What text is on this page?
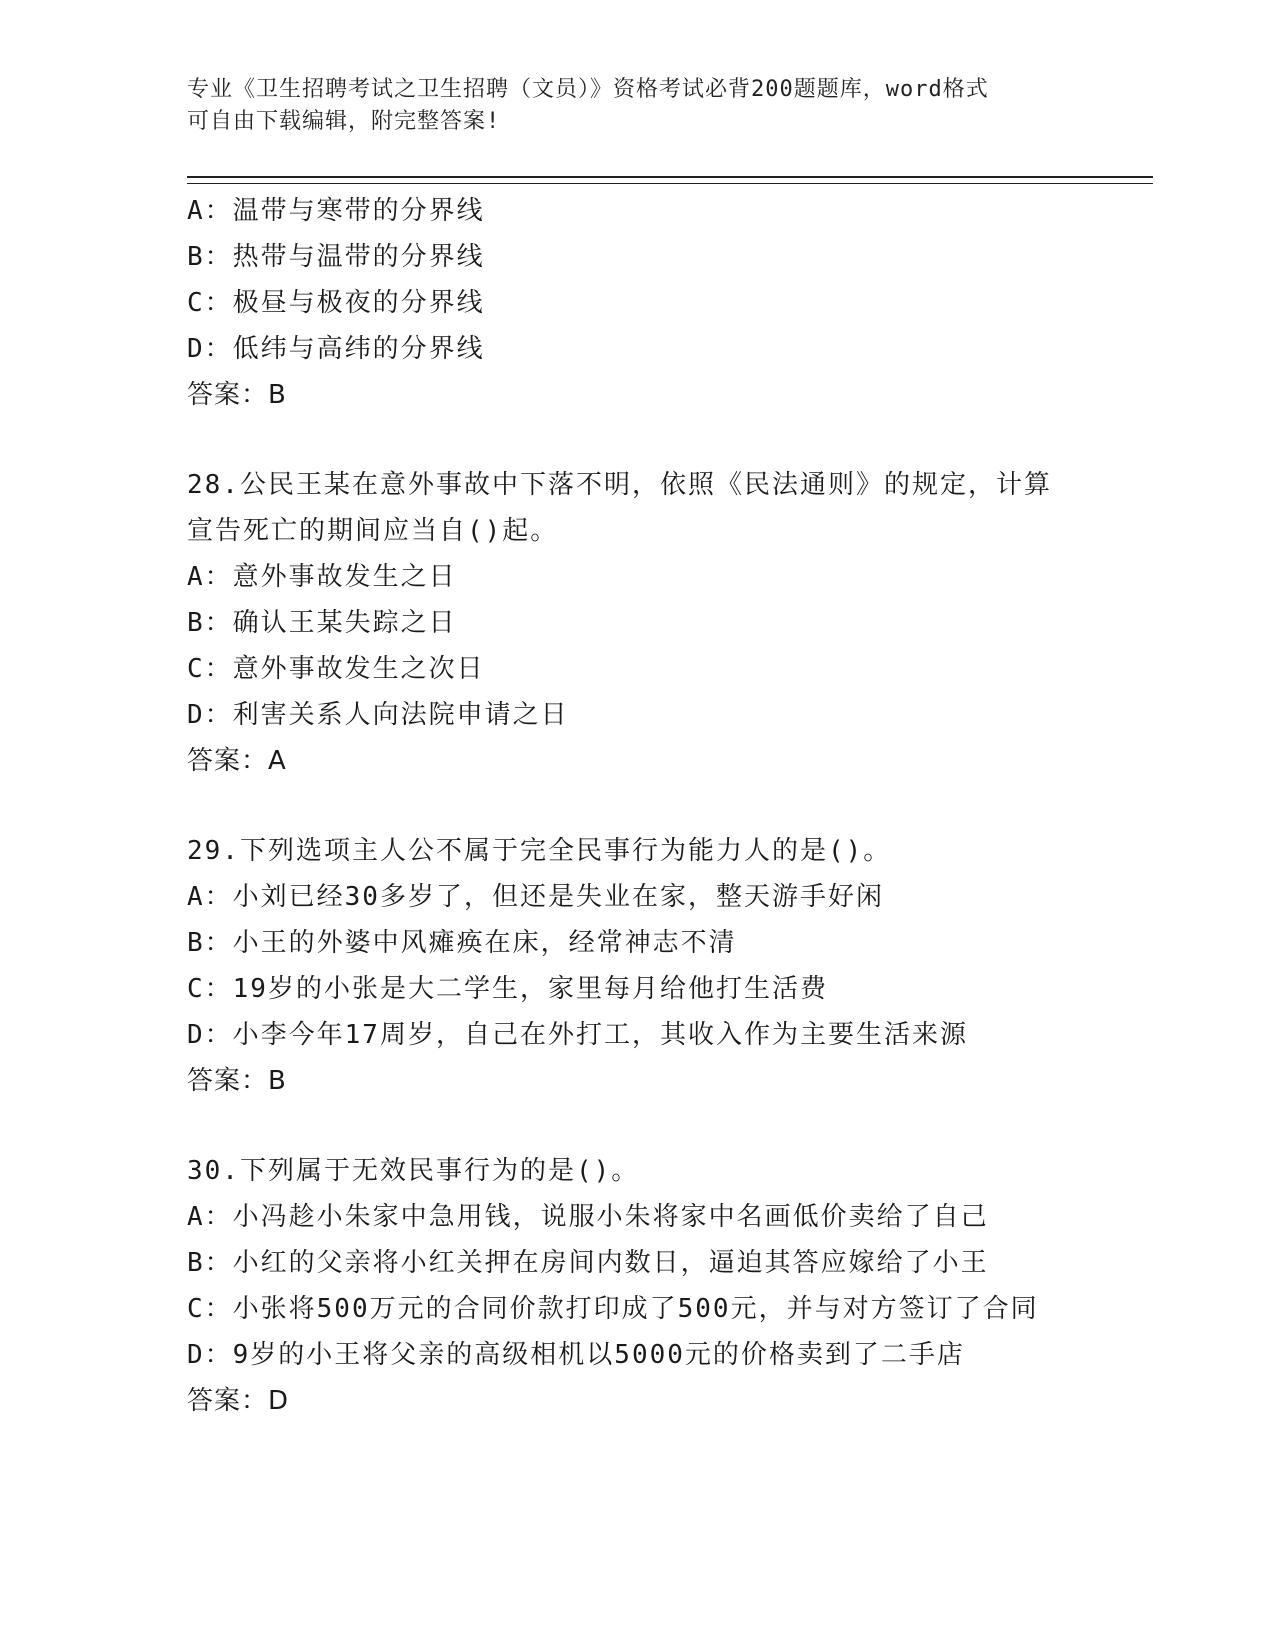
专业《卫生招聘考试之卫生招聘（文员）》资格考试必背200题题库，word格式
可自由下载编辑，附完整答案!
A：温带与寒带的分界线
B：热带与温带的分界线
C：极昼与极夜的分界线
D：低纬与高纬的分界线
答案：B
28.公民王某在意外事故中下落不明，依照《民法通则》的规定，计算
宣告死亡的期间应当自()起。
A：意外事故发生之日
B：确认王某失踪之日
C：意外事故发生之次日
D：利害关系人向法院申请之日
答案：A
29.下列选项主人公不属于完全民事行为能力人的是()。
A：小刘已经30多岁了，但还是失业在家，整天游手好闲
B：小王的外婆中风瘫痪在床，经常神志不清
C：19岁的小张是大二学生，家里每月给他打生活费
D：小李今年17周岁，自己在外打工，其收入作为主要生活来源
答案：B
30.下列属于无效民事行为的是()。
A：小冯趁小朱家中急用钱，说服小朱将家中名画低价卖给了自己
B：小红的父亲将小红关押在房间内数日，逼迫其答应嫁给了小王
C：小张将500万元的合同价款打印成了500元，并与对方签订了合同
D：9岁的小王将父亲的高级相机以5000元的价格卖到了二手店
答案：D
